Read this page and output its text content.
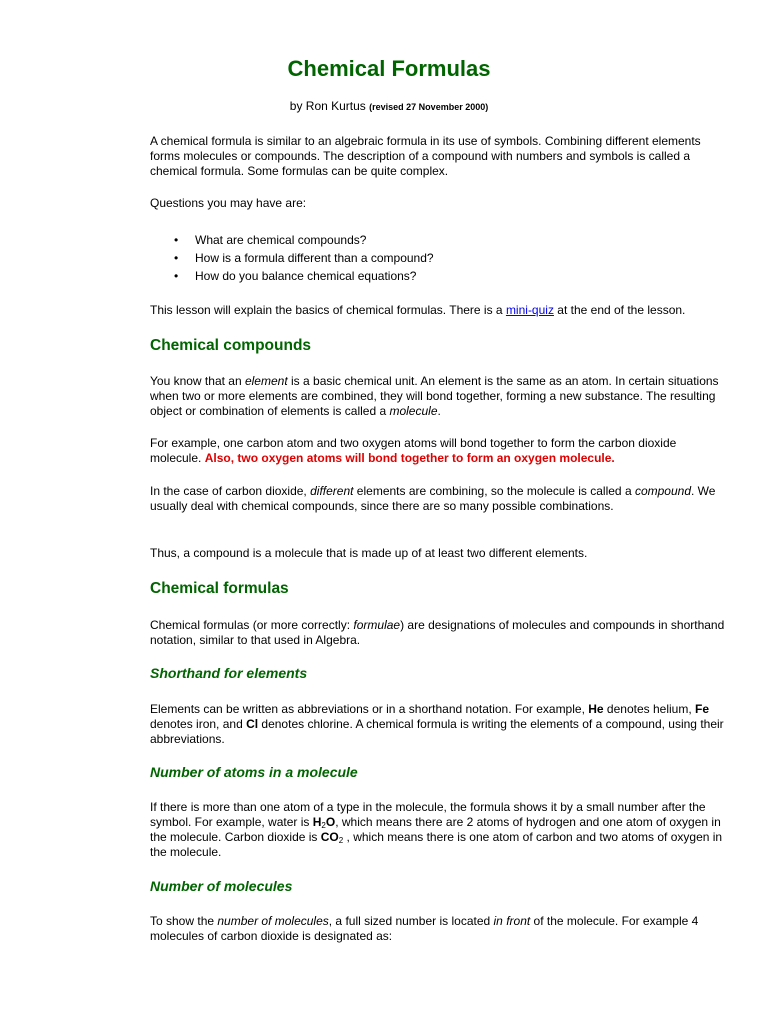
Chemical Formulas
by Ron Kurtus (revised 27 November 2000)

A chemical formula is similar to an algebraic formula in its use of symbols. Combining different elements forms molecules or compounds. The description of a compound with numbers and symbols is called a chemical formula. Some formulas can be quite complex.

Questions you may have are:

• What are chemical compounds?
• How is a formula different than a compound?
• How do you balance chemical equations?

This lesson will explain the basics of chemical formulas. There is a mini-quiz at the end of the lesson.

Chemical compounds

You know that an element is a basic chemical unit. An element is the same as an atom. In certain situations when two or more elements are combined, they will bond together, forming a new substance. The resulting object or combination of elements is called a molecule.

For example, one carbon atom and two oxygen atoms will bond together to form the carbon dioxide molecule. Also, two oxygen atoms will bond together to form an oxygen molecule.

In the case of carbon dioxide, different elements are combining, so the molecule is called a compound. We usually deal with chemical compounds, since there are so many possible combinations.

Thus, a compound is a molecule that is made up of at least two different elements.

Chemical formulas

Chemical formulas (or more correctly: formulae) are designations of molecules and compounds in shorthand notation, similar to that used in Algebra.

Shorthand for elements

Elements can be written as abbreviations or in a shorthand notation. For example, He denotes helium, Fe denotes iron, and Cl denotes chlorine. A chemical formula is writing the elements of a compound, using their abbreviations.

Number of atoms in a molecule

If there is more than one atom of a type in the molecule, the formula shows it by a small number after the symbol. For example, water is $H_2O$, which means there are 2 atoms of hydrogen and one atom of oxygen in the molecule. Carbon dioxide is $CO_2$ , which means there is one atom of carbon and two atoms of oxygen in the molecule.

Number of molecules

To show the number of molecules, a full sized number is located in front of the molecule. For example 4 molecules of carbon dioxide is designated as:
